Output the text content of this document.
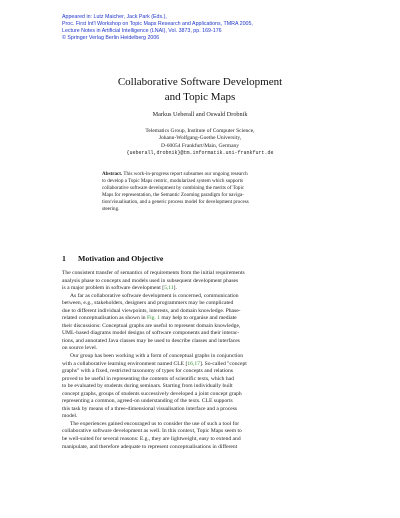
Appeared in: Lutz Maicher, Jack Park (Eds.),
Proc. First Int'l Workshop on Topic Maps Research and Applications, TMRA 2005,
Lecture Notes in Artificial Intelligence (LNAI), Vol. 3873, pp. 169-176
© Springer Verlag Berlin Heidelberg 2006
Collaborative Software Development
and Topic Maps
Markus Ueberall and Oswald Drobnik
Telematics Group, Institute of Computer Science,
Johann-Wolfgang-Goethe University,
D-60054 Frankfurt/Main, Germany
{ueberall,drobnik}@tm.informatik.uni-frankfurt.de
Abstract. This work-in-progress report subsumes our ongoing research
to develop a Topic Maps centric, modularized system which supports
collaborative software development by combining the merits of Topic
Maps for representation, the Semantic Zooming paradigm for naviga-
tion/visualisation, and a generic process model for development process
steering.
1 Motivation and Objective
The consistent transfer of semantics of requirements from the initial requirements
analysis phase to concepts and models used in subsequent development phases
is a major problem in software development [5,11].
As far as collaborative software development is concerned, communication
between, e.g., stakeholders, designers and programmers may be complicated
due to different individual viewpoints, interests, and domain knowledge. Phase-
related conceptualisation as shown in Fig. 1 may help to organise and mediate
their discussions: Conceptual graphs are useful to represent domain knowledge,
UML-based diagrams model designs of software components and their interac-
tions, and annotated Java classes may be used to describe classes and interfaces
on source level.
Our group has been working with a form of conceptual graphs in conjunction
with a collaborative learning environment named CLE [16,17]. So-called "concept
graphs" with a fixed, restricted taxonomy of types for concepts and relations
proved to be useful in representing the contents of scientific texts, which had
to be evaluated by students during seminars. Starting from individually built
concept graphs, groups of students successively developed a joint concept graph
representing a common, agreed-on understanding of the texts. CLE supports
this task by means of a three-dimensional visualisation interface and a process
model.
The experiences gained encouraged us to consider the use of such a tool for
collaborative software development as well. In this context, Topic Maps seem to
be well-suited for several reasons: E.g., they are lightweight, easy to extend and
manipulate, and therefore adequate to represent conceptualisations in different
